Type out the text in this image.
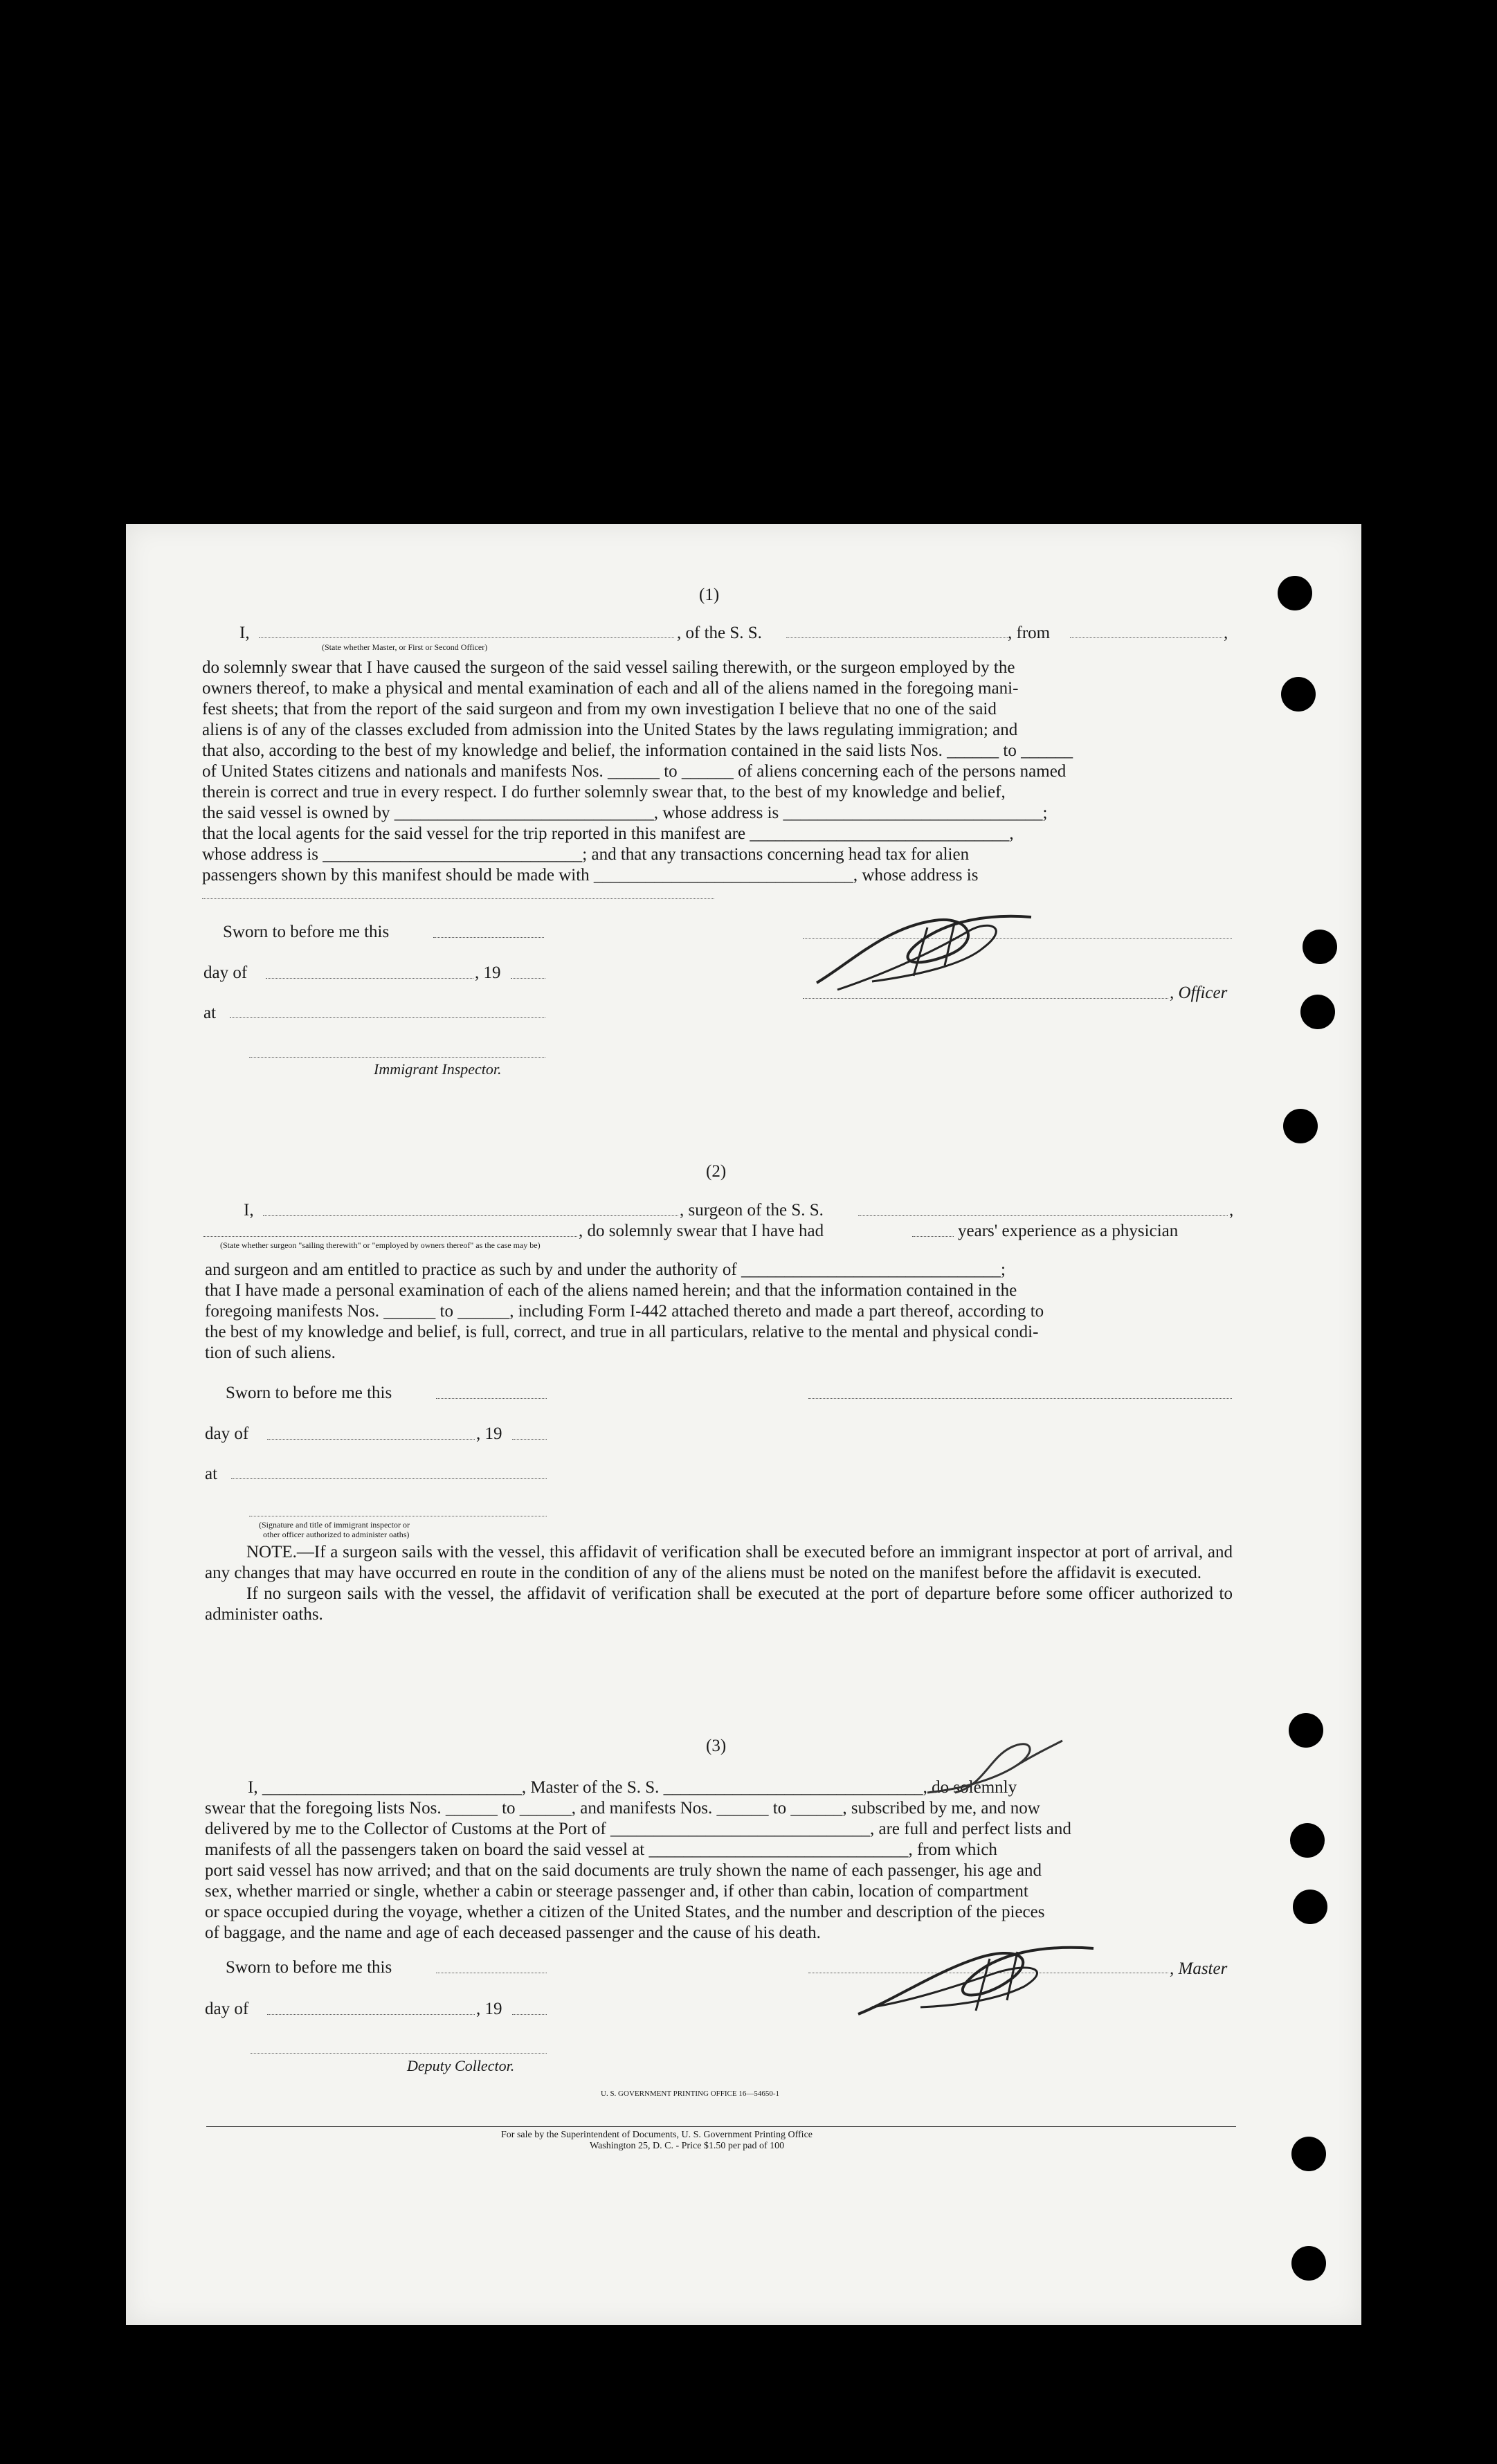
(1)
I,	, of the S. S.	, from	,
(State whether Master, or First or Second Officer)

do solemnly swear that I have caused the surgeon of the said vessel sailing therewith, or the surgeon employed by the

owners thereof, to make a physical and mental examination of each and all of the aliens named in the foregoing mani-

fest sheets; that from the report of the said surgeon and from my own investigation I believe that no one of the said

aliens is of any of the classes excluded from admission into the United States by the laws regulating immigration; and

that also, according to the best of my knowledge and belief, the information contained in the said lists Nos. ______ to ______

of United States citizens and nationals and manifests Nos. ______ to ______ of aliens concerning each of the persons named

therein is correct and true in every respect. I do further solemnly swear that, to the best of my knowledge and belief,

the said vessel is owned by ______________________________, whose address is ______________________________;

that the local agents for the said vessel for the trip reported in this manifest are ______________________________,

whose address is ______________________________; and that any transactions concerning head tax for alien

passengers shown by this manifest should be made with ______________________________, whose address is

Sworn to before me this
day of	, 19
at
Immigrant Inspector.
, Officer
(2)
I,	, surgeon of the S. S.	,
, do solemnly swear that I have had	years' experience as a physician
(State whether surgeon "sailing therewith" or "employed by owners thereof" as the case may be)

and surgeon and am entitled to practice as such by and under the authority of ______________________________;

that I have made a personal examination of each of the aliens named herein; and that the information contained in the

foregoing manifests Nos. ______ to ______, including Form I-442 attached thereto and made a part thereof, according to

the best of my knowledge and belief, is full, correct, and true in all particulars, relative to the mental and physical condi-

tion of such aliens.

Sworn to before me this
day of	, 19
at
(Signature and title of immigrant inspector or
other officer authorized to administer oaths)

NOTE.—If a surgeon sails with the vessel, this affidavit of verification shall be executed before an immigrant inspector at port of arrival, and any changes that may have occurred en route in the condition of any of the aliens must be noted on the manifest before the affidavit is executed.

If no surgeon sails with the vessel, the affidavit of verification shall be executed at the port of departure before some officer authorized to administer oaths.

(3)

I, ______________________________, Master of the S. S. ______________________________, do solemnly

swear that the foregoing lists Nos. ______ to ______, and manifests Nos. ______ to ______, subscribed by me, and now

delivered by me to the Collector of Customs at the Port of ______________________________, are full and perfect lists and

manifests of all the passengers taken on board the said vessel at ______________________________, from which

port said vessel has now arrived; and that on the said documents are truly shown the name of each passenger, his age and

sex, whether married or single, whether a cabin or steerage passenger and, if other than cabin, location of compartment

or space occupied during the voyage, whether a citizen of the United States, and the number and description of the pieces

of baggage, and the name and age of each deceased passenger and the cause of his death.

Sworn to before me this	, Master
day of	, 19
Deputy Collector.
U. S. GOVERNMENT PRINTING OFFICE 16—54650-1
For sale by the Superintendent of Documents, U. S. Government Printing Office
Washington 25, D. C. - Price $1.50 per pad of 100
